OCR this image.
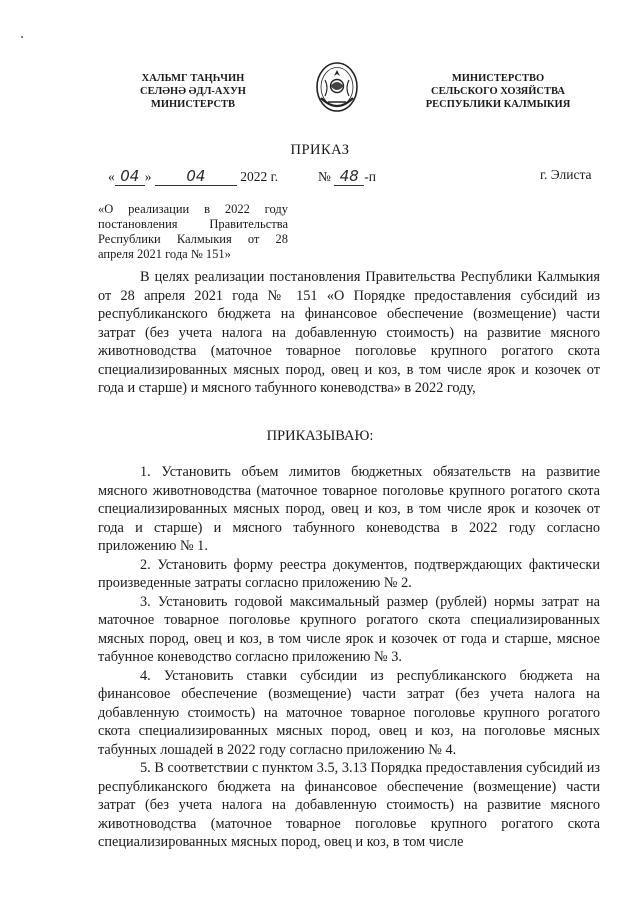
ХАЛЬМГ ТАҢҺЧИН
СЕЛӘНӘ ӘДЛ-АХУН
МИНИСТЕРСТВ
МИНИСТЕРСТВО
СЕЛЬСКОГО ХОЗЯЙСТВА
РЕСПУБЛИКИ КАЛМЫКИЯ
ПРИКАЗ
« 04 » 04	2022 г.	№ 48 -п	г. Элиста
«О реализации в 2022 году
постановления Правительства
Республики Калмыкия от 28
апреля 2021 года № 151»

В целях реализации постановления Правительства Республики Калмыкия от 28 апреля 2021 года № 151 «О Порядке предоставления субсидий из республиканского бюджета на финансовое обеспечение (возмещение) части затрат (без учета налога на добавленную стоимость) на развитие мясного животноводства (маточное товарное поголовье крупного рогатого скота специализированных мясных пород, овец и коз, в том числе ярок и козочек от года и старше) и мясного табунного коневодства» в 2022 году,

ПРИКАЗЫВАЮ:

1. Установить объем лимитов бюджетных обязательств на развитие мясного животноводства (маточное товарное поголовье крупного рогатого скота специализированных мясных пород, овец и коз, в том числе ярок и козочек от года и старше) и мясного табунного коневодства в 2022 году согласно приложению № 1.

2. Установить форму реестра документов, подтверждающих фактически произведенные затраты согласно приложению № 2.

3. Установить годовой максимальный размер (рублей) нормы затрат на маточное товарное поголовье крупного рогатого скота специализированных мясных пород, овец и коз, в том числе ярок и козочек от года и старше, мясное табунное коневодство согласно приложению № 3.

4. Установить ставки субсидии из республиканского бюджета на финансовое обеспечение (возмещение) части затрат (без учета налога на добавленную стоимость) на маточное товарное поголовье крупного рогатого скота специализированных мясных пород, овец и коз, на поголовье мясных табунных лошадей в 2022 году согласно приложению № 4.

5. В соответствии с пунктом 3.5, 3.13 Порядка предоставления субсидий из республиканского бюджета на финансовое обеспечение (возмещение) части затрат (без учета налога на добавленную стоимость) на развитие мясного животноводства (маточное товарное поголовье крупного рогатого скота специализированных мясных пород, овец и коз, в том числе
